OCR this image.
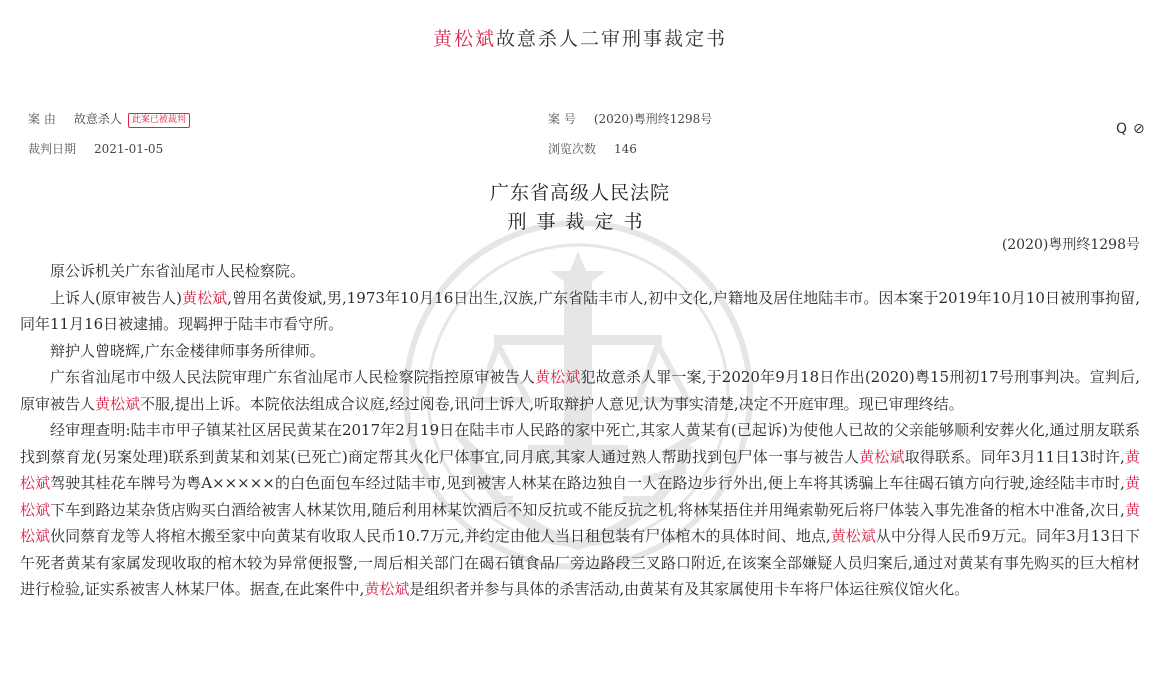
黄松斌故意杀人二审刑事裁定书
案 由 故意杀人 此案已被裁判
裁判日期 2021-01-05
案 号 (2020)粤刑终1298号
浏览次数 146
Q ⊘
广东省高级人民法院
刑事裁定书
(2020)粤刑终1298号

原公诉机关广东省汕尾市人民检察院。

上诉人(原审被告人)黄松斌,曾用名黄俊斌,男,1973年10月16日出生,汉族,广东省陆丰市人,初中文化,户籍地及居住地陆丰市。因本案于2019年10月10日被刑事拘留,同年11月16日被逮捕。现羁押于陆丰市看守所。

辩护人曾晓辉,广东金楼律师事务所律师。

广东省汕尾市中级人民法院审理广东省汕尾市人民检察院指控原审被告人黄松斌犯故意杀人罪一案,于2020年9月18日作出(2020)粤15刑初17号刑事判决。宣判后,原审被告人黄松斌不服,提出上诉。本院依法组成合议庭,经过阅卷,讯问上诉人,听取辩护人意见,认为事实清楚,决定不开庭审理。现已审理终结。

经审理查明:陆丰市甲子镇某社区居民黄某在2017年2月19日在陆丰市人民路的家中死亡,其家人黄某有(已起诉)为使他人已故的父亲能够顺利安葬火化,通过朋友联系找到蔡育龙(另案处理)联系到黄某和刘某(已死亡)商定帮其火化尸体事宜,同月底,其家人通过熟人帮助找到包尸体一事与被告人黄松斌取得联系。同年3月11日13时许,黄松斌驾驶其桂花车牌号为粤A×××××的白色面包车经过陆丰市,见到被害人林某在路边独自一人在路边步行外出,便上车将其诱骗上车往碣石镇方向行驶,途经陆丰市时,黄松斌下车到路边某杂货店购买白酒给被害人林某饮用,随后利用林某饮酒后不知反抗或不能反抗之机,将林某捂住并用绳索勒死后将尸体装入事先准备的棺木中准备,次日,黄松斌伙同蔡育龙等人将棺木搬至家中向黄某有收取人民币10.7万元,并约定由他人当日租包装有尸体棺木的具体时间、地点,黄松斌从中分得人民币9万元。同年3月13日下午死者黄某有家属发现收取的棺木较为异常便报警,一周后相关部门在碣石镇食品厂旁边路段三叉路口附近,在该案全部嫌疑人员归案后,通过对黄某有事先购买的巨大棺材进行检验,证实系被害人林某尸体。据查,在此案件中,黄松斌是组织者并参与具体的杀害活动,由黄某有及其家属使用卡车将尸体运往殡仪馆火化。
